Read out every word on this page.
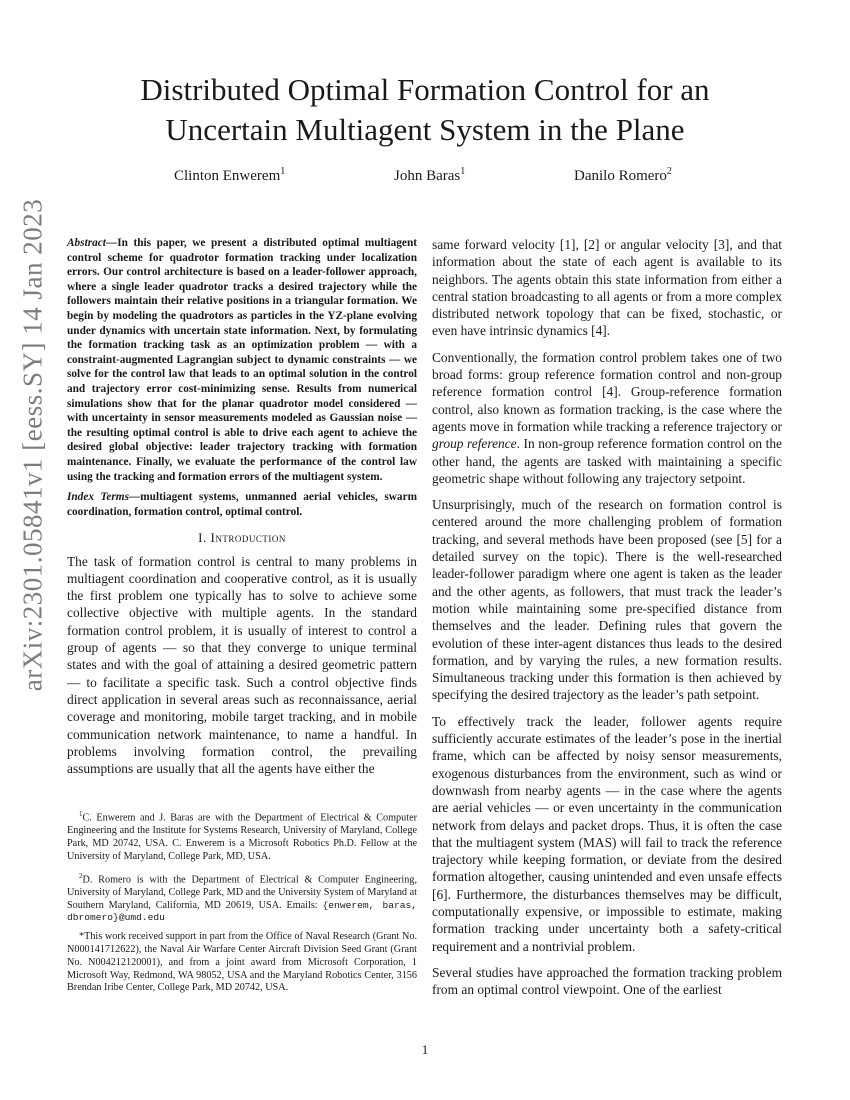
arXiv:2301.05841v1 [eess.SY] 14 Jan 2023
Distributed Optimal Formation Control for an
Uncertain Multiagent System in the Plane
Clinton Enwerem$^1$	John Baras$^1$	Danilo Romero$^2$

Abstract—In this paper, we present a distributed optimal multiagent control scheme for quadrotor formation tracking under localization errors. Our control architecture is based on a leader-follower approach, where a single leader quadrotor tracks a desired trajectory while the followers maintain their relative positions in a triangular formation. We begin by modeling the quadrotors as particles in the YZ-plane evolving under dynamics with uncertain state information. Next, by formulating the formation tracking task as an optimization problem — with a constraint-augmented Lagrangian subject to dynamic constraints — we solve for the control law that leads to an optimal solution in the control and trajectory error cost-minimizing sense. Results from numerical simulations show that for the planar quadrotor model considered — with uncertainty in sensor measurements modeled as Gaussian noise — the resulting optimal control is able to drive each agent to achieve the desired global objective: leader trajectory tracking with formation maintenance. Finally, we evaluate the performance of the control law using the tracking and formation errors of the multiagent system.

Index Terms—multiagent systems, unmanned aerial vehicles, swarm coordination, formation control, optimal control.

I. Introduction

The task of formation control is central to many problems in multiagent coordination and cooperative control, as it is usually the first problem one typically has to solve to achieve some collective objective with multiple agents. In the standard formation control problem, it is usually of interest to control a group of agents — so that they converge to unique terminal states and with the goal of attaining a desired geometric pattern — to facilitate a specific task. Such a control objective finds direct application in several areas such as reconnaissance, aerial coverage and monitoring, mobile target tracking, and in mobile communication network maintenance, to name a handful. In problems involving formation control, the prevailing assumptions are usually that all the agents have either the

$^1$C. Enwerem and J. Baras are with the Department of Electrical & Computer Engineering and the Institute for Systems Research, University of Maryland, College Park, MD 20742, USA. C. Enwerem is a Microsoft Robotics Ph.D. Fellow at the University of Maryland, College Park, MD, USA.

$^2$D. Romero is with the Department of Electrical & Computer Engineering, University of Maryland, College Park, MD and the University System of Maryland at Southern Maryland, California, MD 20619, USA. Emails: {enwerem, baras, dbromero}@umd.edu

*This work received support in part from the Office of Naval Research (Grant No. N000141712622), the Naval Air Warfare Center Aircraft Division Seed Grant (Grant No. N004212120001), and from a joint award from Microsoft Corporation, 1 Microsoft Way, Redmond, WA 98052, USA and the Maryland Robotics Center, 3156 Brendan Iribe Center, College Park, MD 20742, USA.

same forward velocity [1], [2] or angular velocity [3], and that information about the state of each agent is available to its neighbors. The agents obtain this state information from either a central station broadcasting to all agents or from a more complex distributed network topology that can be fixed, stochastic, or even have intrinsic dynamics [4].

Conventionally, the formation control problem takes one of two broad forms: group reference formation control and non-group reference formation control [4]. Group-reference formation control, also known as formation tracking, is the case where the agents move in formation while tracking a reference trajectory or group reference. In non-group reference formation control on the other hand, the agents are tasked with maintaining a specific geometric shape without following any trajectory setpoint.

Unsurprisingly, much of the research on formation control is centered around the more challenging problem of formation tracking, and several methods have been proposed (see [5] for a detailed survey on the topic). There is the well-researched leader-follower paradigm where one agent is taken as the leader and the other agents, as followers, that must track the leader’s motion while maintaining some pre-specified distance from themselves and the leader. Defining rules that govern the evolution of these inter-agent distances thus leads to the desired formation, and by varying the rules, a new formation results. Simultaneous tracking under this formation is then achieved by specifying the desired trajectory as the leader’s path setpoint.

To effectively track the leader, follower agents require sufficiently accurate estimates of the leader’s pose in the inertial frame, which can be affected by noisy sensor measurements, exogenous disturbances from the environment, such as wind or downwash from nearby agents — in the case where the agents are aerial vehicles — or even uncertainty in the communication network from delays and packet drops. Thus, it is often the case that the multiagent system (MAS) will fail to track the reference trajectory while keeping formation, or deviate from the desired formation altogether, causing unintended and even unsafe effects [6]. Furthermore, the disturbances themselves may be difficult, computationally expensive, or impossible to estimate, making formation tracking under uncertainty both a safety-critical requirement and a nontrivial problem.

Several studies have approached the formation tracking problem from an optimal control viewpoint. One of the earliest

1
